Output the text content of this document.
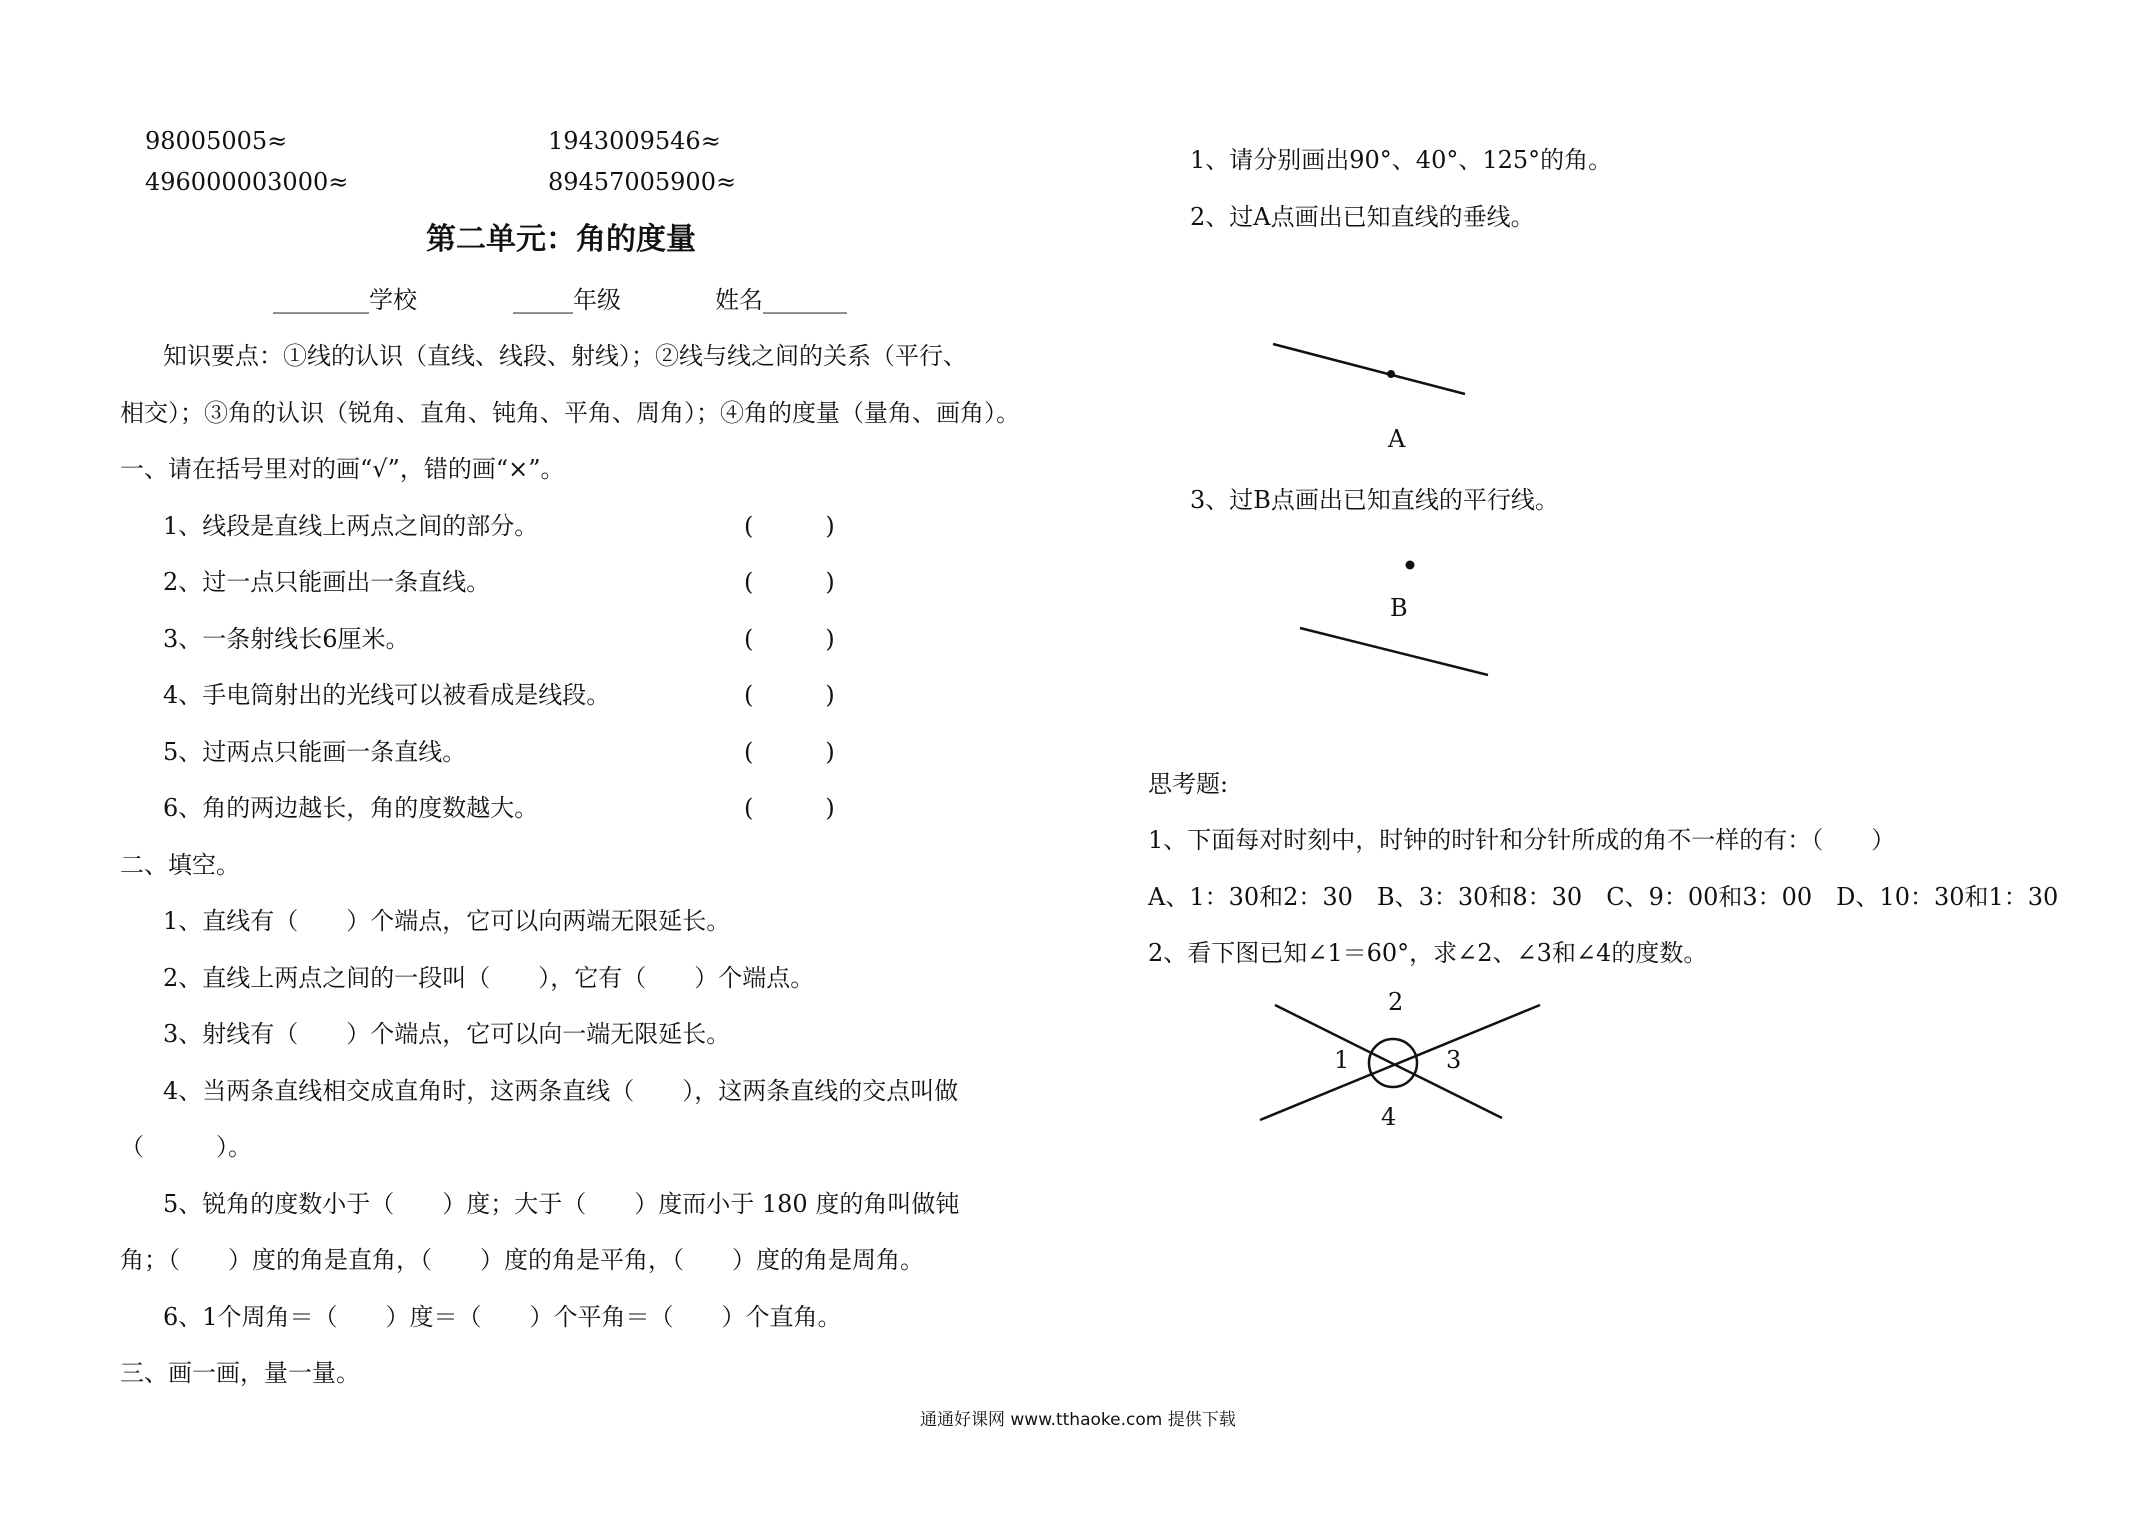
98005005≈	1943009546≈
496000003000≈	89457005900≈
第二单元：角的度量
________学校	_____年级	姓名_______
知识要点：①线的认识（直线、线段、射线）；②线与线之间的关系（平行、
相交）；③角的认识（锐角、直角、钝角、平角、周角）；④角的度量（量角、画角）。
一、请在括号里对的画“√”，错的画“×”。
1、线段是直线上两点之间的部分。	(　　　)
2、过一点只能画出一条直线。	(　　　)
3、一条射线长6厘米。	(　　　)
4、手电筒射出的光线可以被看成是线段。	(　　　)
5、过两点只能画一条直线。	(　　　)
6、角的两边越长，角的度数越大。	(　　　)
二、填空。
1、直线有（　　）个端点，它可以向两端无限延长。
2、直线上两点之间的一段叫（　　），它有（　　）个端点。
3、射线有（　　）个端点，它可以向一端无限延长。
4、当两条直线相交成直角时，这两条直线（　　），这两条直线的交点叫做
（　　　）。
5、锐角的度数小于（　　）度；大于（　　）度而小于 180 度的角叫做钝
角；（　　）度的角是直角，（　　）度的角是平角，（　　）度的角是周角。
6、1个周角＝（　　）度＝（　　）个平角＝（　　）个直角。
三、画一画，量一量。
1、请分别画出90°、40°、125°的角。
2、过A点画出已知直线的垂线。
A
3、过B点画出已知直线的平行线。
B
思考题:
1、下面每对时刻中，时钟的时针和分针所成的角不一样的有：（　　）
A、1：30和2：30　B、3：30和8：30　C、9：00和3：00　D、10：30和1：30
2、看下图已知∠1＝60°，求∠2、∠3和∠4的度数。
2
1	3
4
通通好课网 www.tthaoke.com 提供下载
